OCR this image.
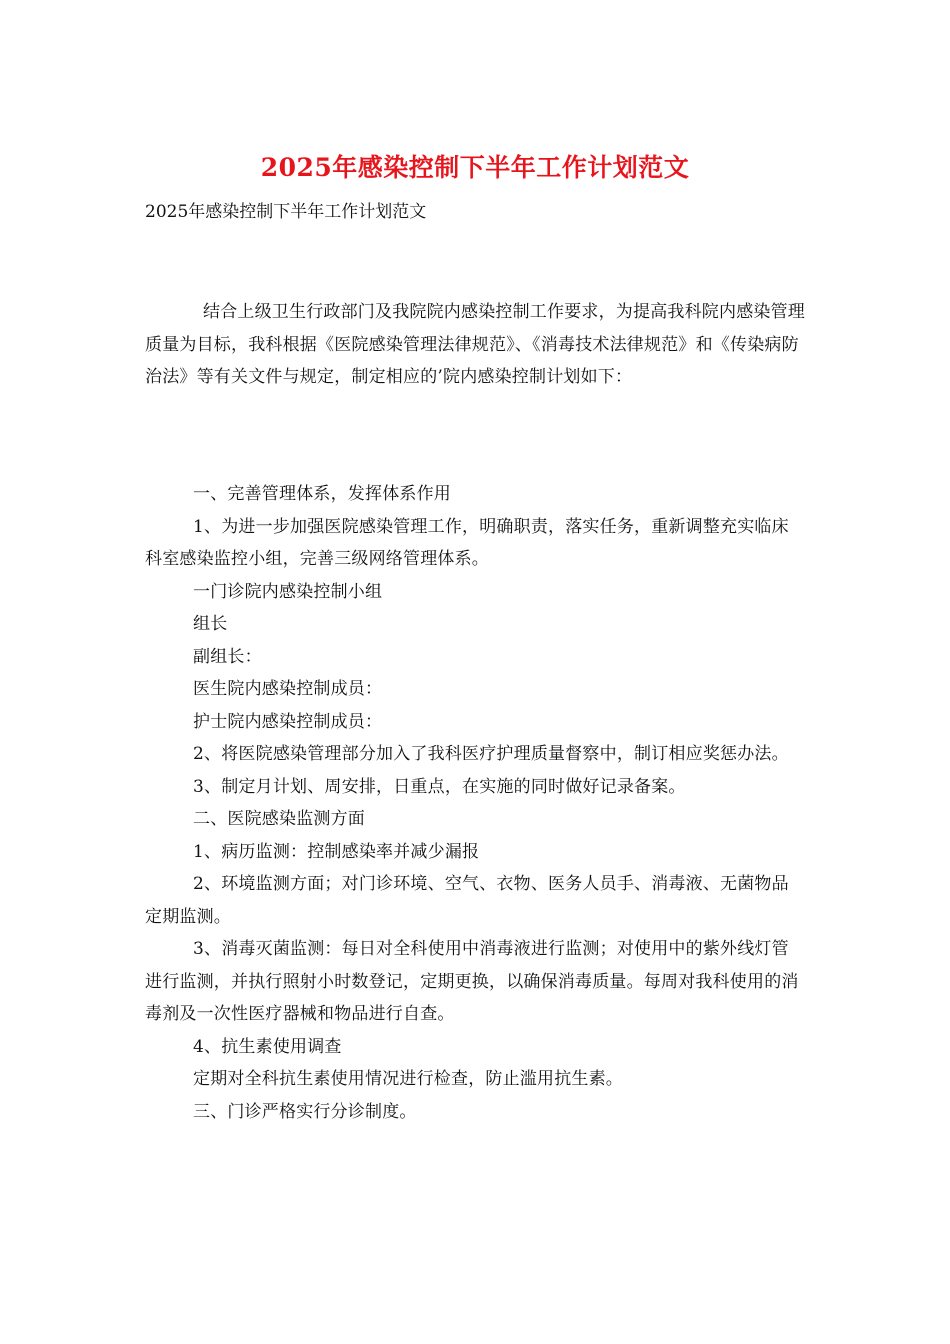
2025年感染控制下半年工作计划范文
2025年感染控制下半年工作计划范文

结合上级卫生行政部门及我院院内感染控制工作要求，为提高我科院内感染管理质量为目标，我科根据《医院感染管理法律规范》、《消毒技术法律规范》和《传染病防治法》等有关文件与规定，制定相应的’院内感染控制计划如下：

一、完善管理体系，发挥体系作用

1、为进一步加强医院感染管理工作，明确职责，落实任务，重新调整充实临床科室感染监控小组，完善三级网络管理体系。

一门诊院内感染控制小组

组长

副组长：

医生院内感染控制成员：

护士院内感染控制成员：

2、将医院感染管理部分加入了我科医疗护理质量督察中，制订相应奖惩办法。

3、制定月计划、周安排，日重点，在实施的同时做好记录备案。

二、医院感染监测方面

1、病历监测：控制感染率并减少漏报

2、环境监测方面；对门诊环境、空气、衣物、医务人员手、消毒液、无菌物品定期监测。

3、消毒灭菌监测：每日对全科使用中消毒液进行监测；对使用中的紫外线灯管进行监测，并执行照射小时数登记，定期更换，以确保消毒质量。每周对我科使用的消毒剂及一次性医疗器械和物品进行自查。

4、抗生素使用调查

定期对全科抗生素使用情况进行检查，防止滥用抗生素。

三、门诊严格实行分诊制度。
